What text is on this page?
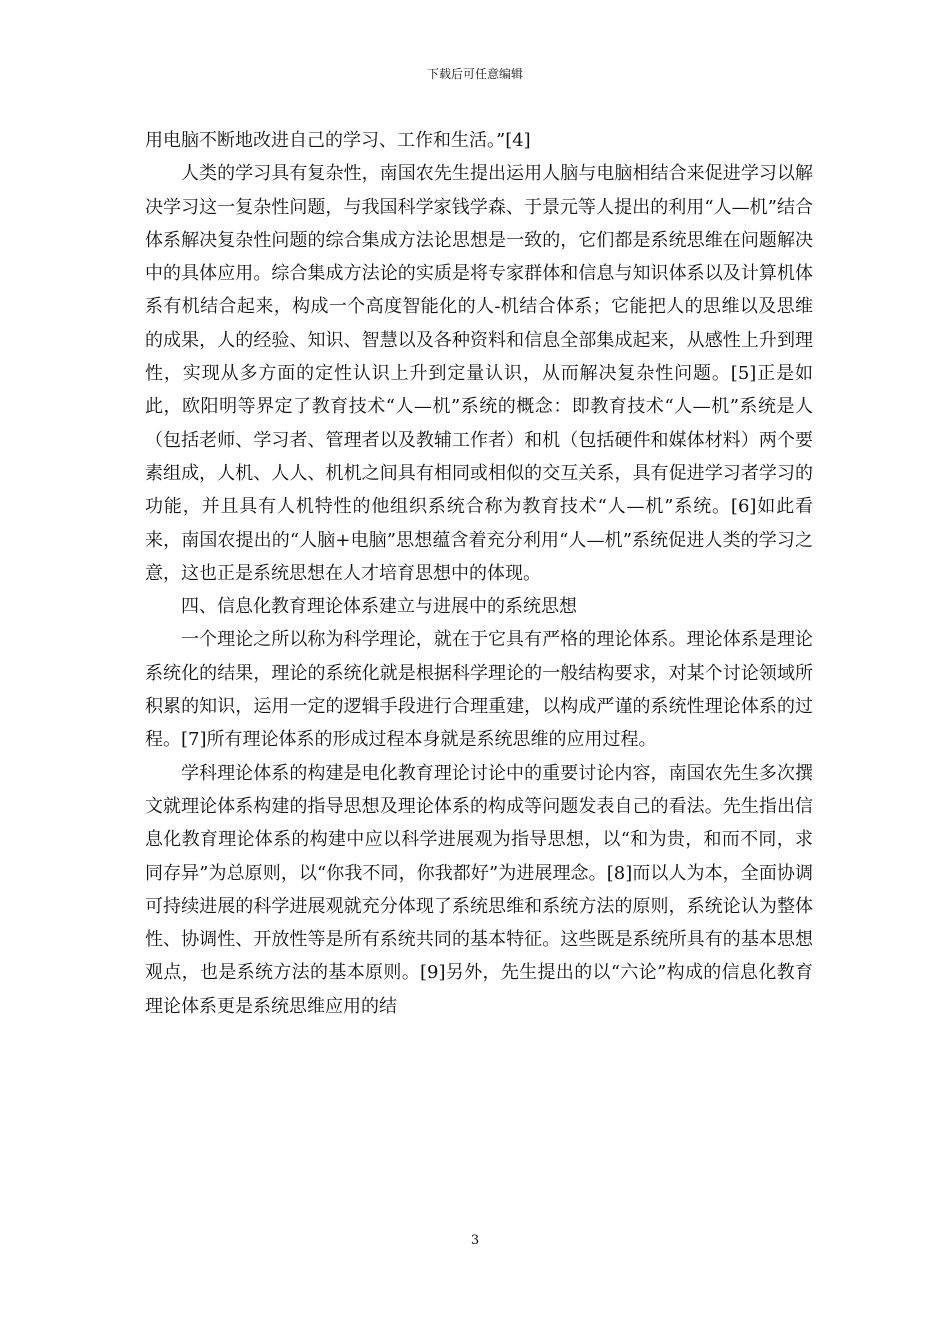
下载后可任意编辑

用电脑不断地改进自己的学习、工作和生活。”[4]

人类的学习具有复杂性，南国农先生提出运用人脑与电脑相结合来促进学习以解决学习这一复杂性问题，与我国科学家钱学森、于景元等人提出的利用“人—机”结合体系解决复杂性问题的综合集成方法论思想是一致的，它们都是系统思维在问题解决中的具体应用。综合集成方法论的实质是将专家群体和信息与知识体系以及计算机体系有机结合起来，构成一个高度智能化的人-机结合体系；它能把人的思维以及思维的成果，人的经验、知识、智慧以及各种资料和信息全部集成起来，从感性上升到理性，实现从多方面的定性认识上升到定量认识，从而解决复杂性问题。[5]正是如此，欧阳明等界定了教育技术“人—机”系统的概念：即教育技术“人—机”系统是人（包括老师、学习者、管理者以及教辅工作者）和机（包括硬件和媒体材料）两个要素组成，人机、人人、机机之间具有相同或相似的交互关系，具有促进学习者学习的功能，并且具有人机特性的他组织系统合称为教育技术“人—机”系统。[6]如此看来，南国农提出的“人脑+电脑”思想蕴含着充分利用“人—机”系统促进人类的学习之意，这也正是系统思想在人才培育思想中的体现。

四、信息化教育理论体系建立与进展中的系统思想

一个理论之所以称为科学理论，就在于它具有严格的理论体系。理论体系是理论系统化的结果，理论的系统化就是根据科学理论的一般结构要求，对某个讨论领域所积累的知识，运用一定的逻辑手段进行合理重建，以构成严谨的系统性理论体系的过程。[7]所有理论体系的形成过程本身就是系统思维的应用过程。

学科理论体系的构建是电化教育理论讨论中的重要讨论内容，南国农先生多次撰文就理论体系构建的指导思想及理论体系的构成等问题发表自己的看法。先生指出信息化教育理论体系的构建中应以科学进展观为指导思想，以“和为贵，和而不同，求同存异”为总原则，以“你我不同，你我都好”为进展理念。[8]而以人为本，全面协调可持续进展的科学进展观就充分体现了系统思维和系统方法的原则，系统论认为整体性、协调性、开放性等是所有系统共同的基本特征。这些既是系统所具有的基本思想观点，也是系统方法的基本原则。[9]另外，先生提出的以“六论”构成的信息化教育理论体系更是系统思维应用的结

3
